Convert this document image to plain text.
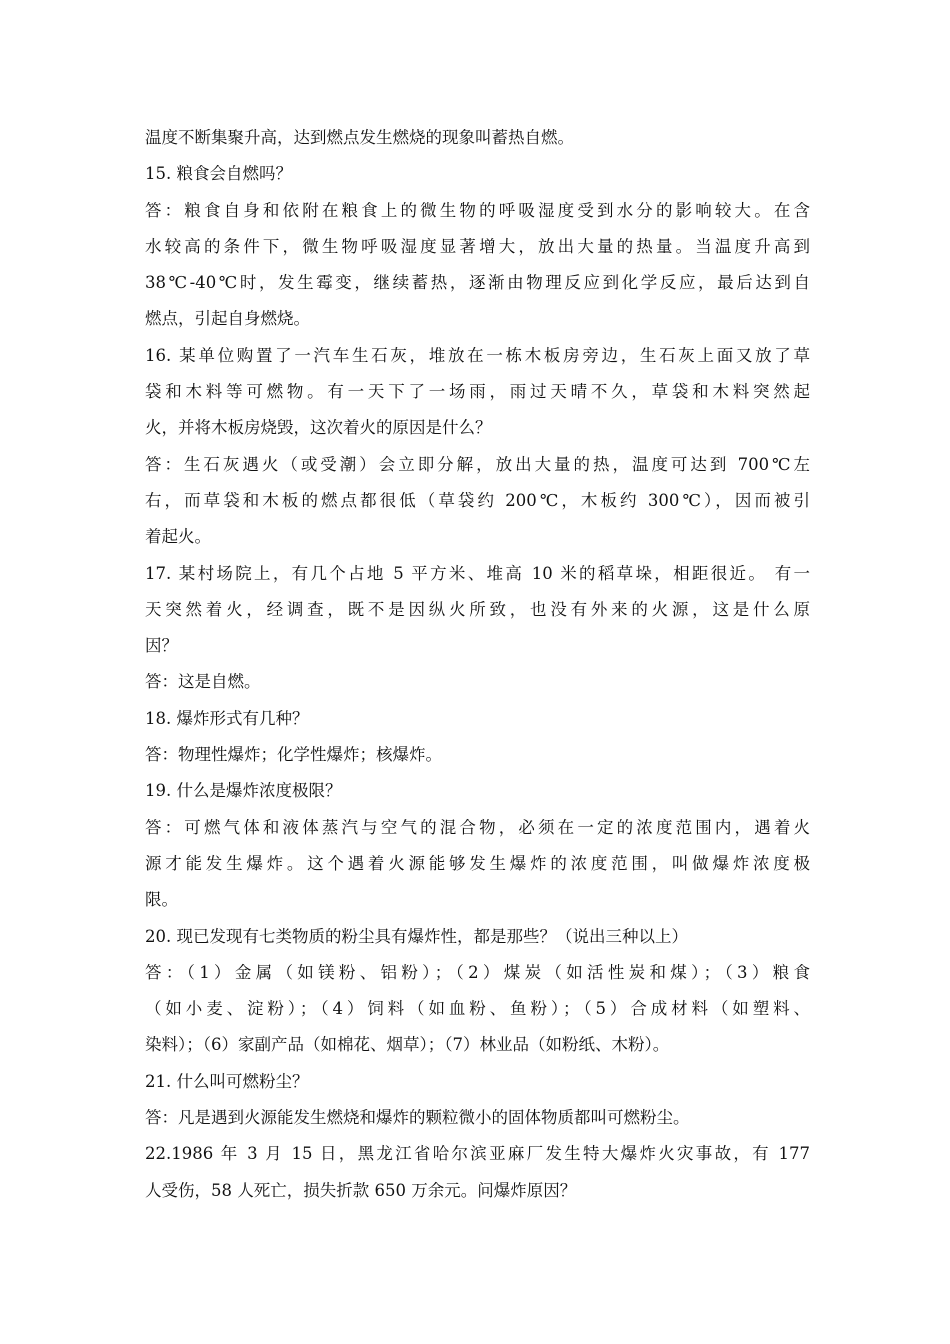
温度不断集聚升高，达到燃点发生燃烧的现象叫蓄热自燃。
15. 粮食会自燃吗？
答：粮食自身和依附在粮食上的微生物的呼吸湿度受到水分的影响较大。在含
水较高的条件下，微生物呼吸湿度显著增大，放出大量的热量。当温度升高到
38℃-40℃时，发生霉变，继续蓄热，逐渐由物理反应到化学反应，最后达到自
燃点，引起自身燃烧。
16. 某单位购置了一汽车生石灰，堆放在一栋木板房旁边，生石灰上面又放了草
袋和木料等可燃物。有一天下了一场雨，雨过天晴不久，草袋和木料突然起
火，并将木板房烧毁，这次着火的原因是什么？
答：生石灰遇火（或受潮）会立即分解，放出大量的热，温度可达到 700℃左
右，而草袋和木板的燃点都很低（草袋约 200℃，木板约 300℃），因而被引
着起火。
17. 某村场院上，有几个占地 5 平方米、堆高 10 米的稻草垛，相距很近。 有一
天突然着火，经调查，既不是因纵火所致，也没有外来的火源，这是什么原
因？
答：这是自燃。
18. 爆炸形式有几种？
答：物理性爆炸；化学性爆炸；核爆炸。
19. 什么是爆炸浓度极限？
答：可燃气体和液体蒸汽与空气的混合物，必须在一定的浓度范围内，遇着火
源才能发生爆炸。这个遇着火源能够发生爆炸的浓度范围，叫做爆炸浓度极
限。
20. 现已发现有七类物质的粉尘具有爆炸性，都是那些？（说出三种以上）
答：（1）金属（如镁粉、铝粉）；（2）煤炭（如活性炭和煤）；（3）粮食
（如小麦、淀粉）；（4）饲料（如血粉、鱼粉）；（5）合成材料（如塑料、
染料）；（6）家副产品（如棉花、烟草）；（7）林业品（如粉纸、木粉）。
21. 什么叫可燃粉尘？
答：凡是遇到火源能发生燃烧和爆炸的颗粒微小的固体物质都叫可燃粉尘。
22.1986 年 3 月 15 日，黑龙江省哈尔滨亚麻厂发生特大爆炸火灾事故，有 177
人受伤，58 人死亡，损失折款 650 万余元。问爆炸原因？
